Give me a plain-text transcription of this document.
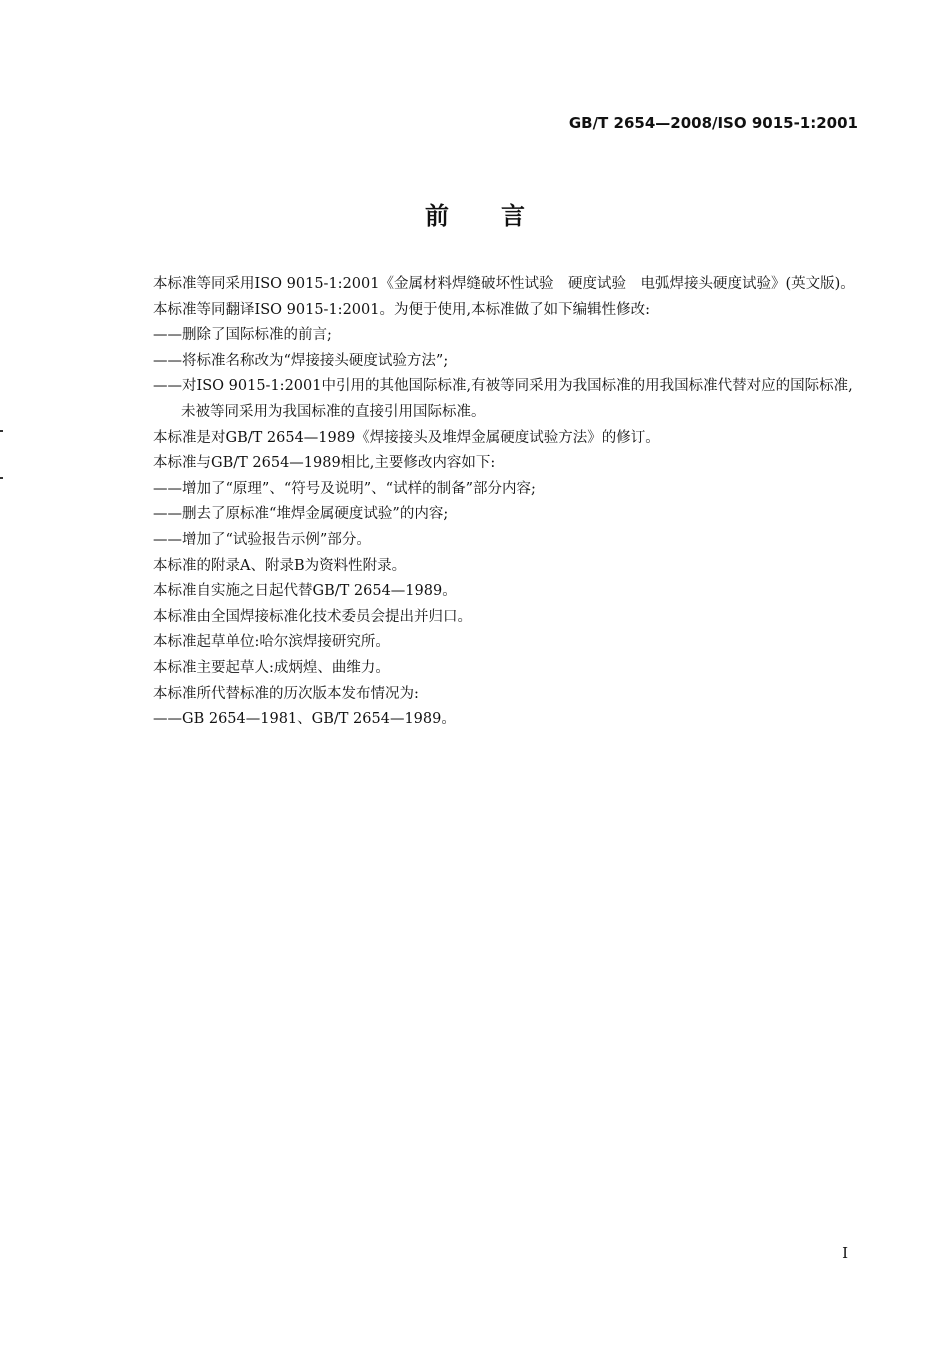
GB/T 2654—2008/ISO 9015-1:2001
前言

本标准等同采用ISO 9015-1:2001《金属材料焊缝破坏性试验　硬度试验　电弧焊接头硬度试验》(英文版)。

本标准等同翻译ISO 9015-1:2001。为便于使用,本标准做了如下编辑性修改:

——删除了国际标准的前言;

——将标准名称改为“焊接接头硬度试验方法”;

——对ISO 9015-1:2001中引用的其他国际标准,有被等同采用为我国标准的用我国标准代替对应的国际标准,未被等同采用为我国标准的直接引用国际标准。

本标准是对GB/T 2654—1989《焊接接头及堆焊金属硬度试验方法》的修订。

本标准与GB/T 2654—1989相比,主要修改内容如下:

——增加了“原理”、“符号及说明”、“试样的制备”部分内容;

——删去了原标准“堆焊金属硬度试验”的内容;

——增加了“试验报告示例”部分。

本标准的附录A、附录B为资料性附录。

本标准自实施之日起代替GB/T 2654—1989。

本标准由全国焊接标准化技术委员会提出并归口。

本标准起草单位:哈尔滨焊接研究所。

本标准主要起草人:成炳煌、曲维力。

本标准所代替标准的历次版本发布情况为:

——GB 2654—1981、GB/T 2654—1989。

I
